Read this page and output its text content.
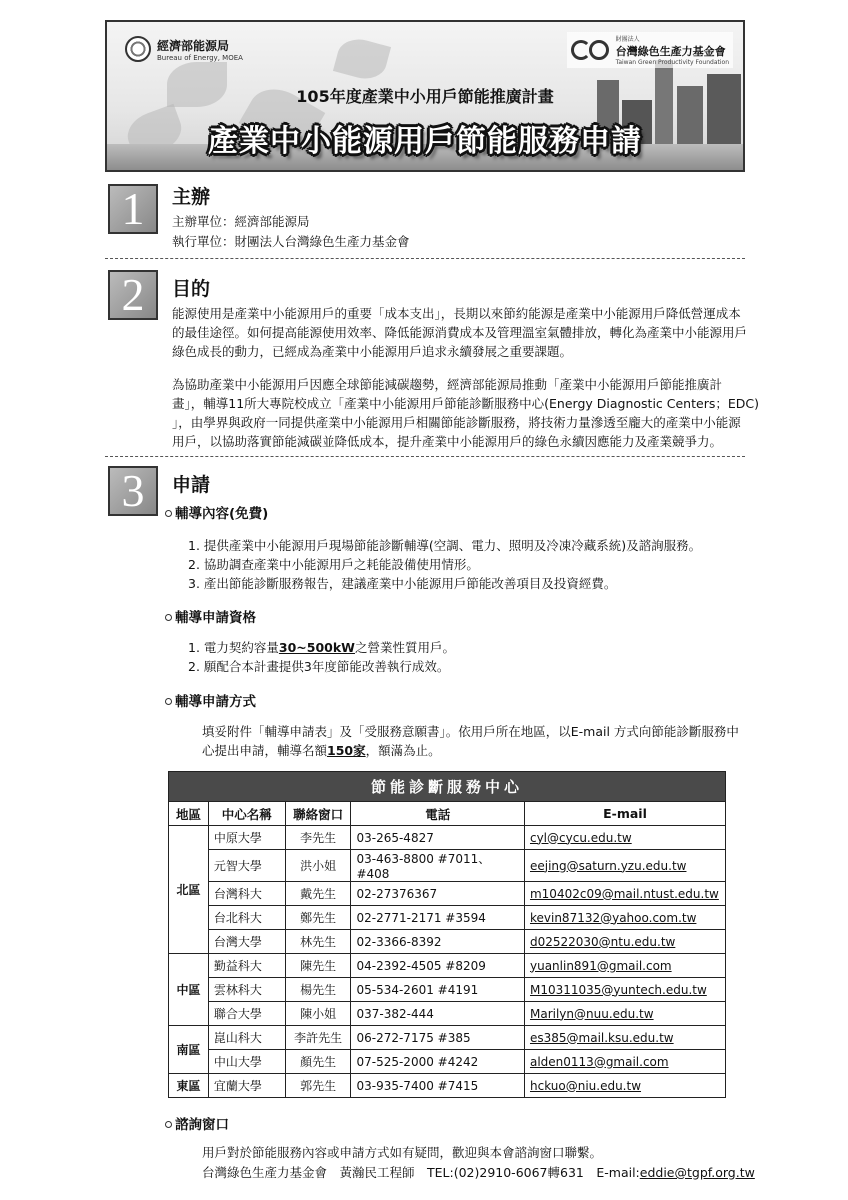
經濟部能源局
Bureau of Energy, MOEA
財團法人
台灣綠色生產力基金會
Taiwan Green Productivity Foundation
105年度產業中小用戶節能推廣計畫
產業中小能源用戶節能服務申請
1	主辦
主辦單位：經濟部能源局
執行單位：財團法人台灣綠色生產力基金會
2	目的
能源使用是產業中小能源用戶的重要「成本支出」，長期以來節約能源是產業中小能源用戶降低營運成本
的最佳途徑。如何提高能源使用效率、降低能源消費成本及管理溫室氣體排放，轉化為產業中小能源用戶
綠色成長的動力，已經成為產業中小能源用戶追求永續發展之重要課題。
為協助產業中小能源用戶因應全球節能減碳趨勢，經濟部能源局推動「產業中小能源用戶節能推廣計
畫」，輔導11所大專院校成立「產業中小能源用戶節能診斷服務中心(Energy Diagnostic Centers；EDC)
」，由學界與政府一同提供產業中小能源用戶相關節能診斷服務，將技術力量滲透至龐大的產業中小能源
用戶，以協助落實節能減碳並降低成本，提升產業中小能源用戶的綠色永續因應能力及產業競爭力。
3	申請
輔導內容(免費)
1. 提供產業中小能源用戶現場節能診斷輔導(空調、電力、照明及冷凍冷藏系統)及諮詢服務。
2. 協助調查產業中小能源用戶之耗能設備使用情形。
3. 產出節能診斷服務報告，建議產業中小能源用戶節能改善項目及投資經費。
輔導申請資格
1. 電力契約容量30~500kW之營業性質用戶。
2. 願配合本計畫提供3年度節能改善執行成效。
輔導申請方式
填妥附件「輔導申請表」及「受服務意願書」。依用戶所在地區，以E-mail 方式向節能診斷服務中
心提出申請，輔導名額150家，額滿為止。
節能診斷服務中心				
地區	中心名稱	聯絡窗口	電話	E-mail
北區	中原大學	李先生	03-265-4827	cyl@cycu.edu.tw
	元智大學	洪小姐	03-463-8800 #7011、#408	eejing@saturn.yzu.edu.tw
	台灣科大	戴先生	02-27376367	m10402c09@mail.ntust.edu.tw
	台北科大	鄭先生	02-2771-2171 #3594	kevin87132@yahoo.com.tw
	台灣大學	林先生	02-3366-8392	d02522030@ntu.edu.tw
中區	勤益科大	陳先生	04-2392-4505 #8209	yuanlin891@gmail.com
	雲林科大	楊先生	05-534-2601 #4191	M10311035@yuntech.edu.tw
	聯合大學	陳小姐	037-382-444	Marilyn@nuu.edu.tw
南區	崑山科大	李許先生	06-272-7175 #385	es385@mail.ksu.edu.tw
	中山大學	顏先生	07-525-2000 #4242	alden0113@gmail.com
東區	宜蘭大學	郭先生	03-935-7400 #7415	hckuo@niu.edu.tw
諮詢窗口
用戶對於節能服務內容或申請方式如有疑問，歡迎與本會諮詢窗口聯繫。
台灣綠色生產力基金會　黃瀚民工程師　TEL:(02)2910-6067轉631　E-mail:eddie@tgpf.org.tw
